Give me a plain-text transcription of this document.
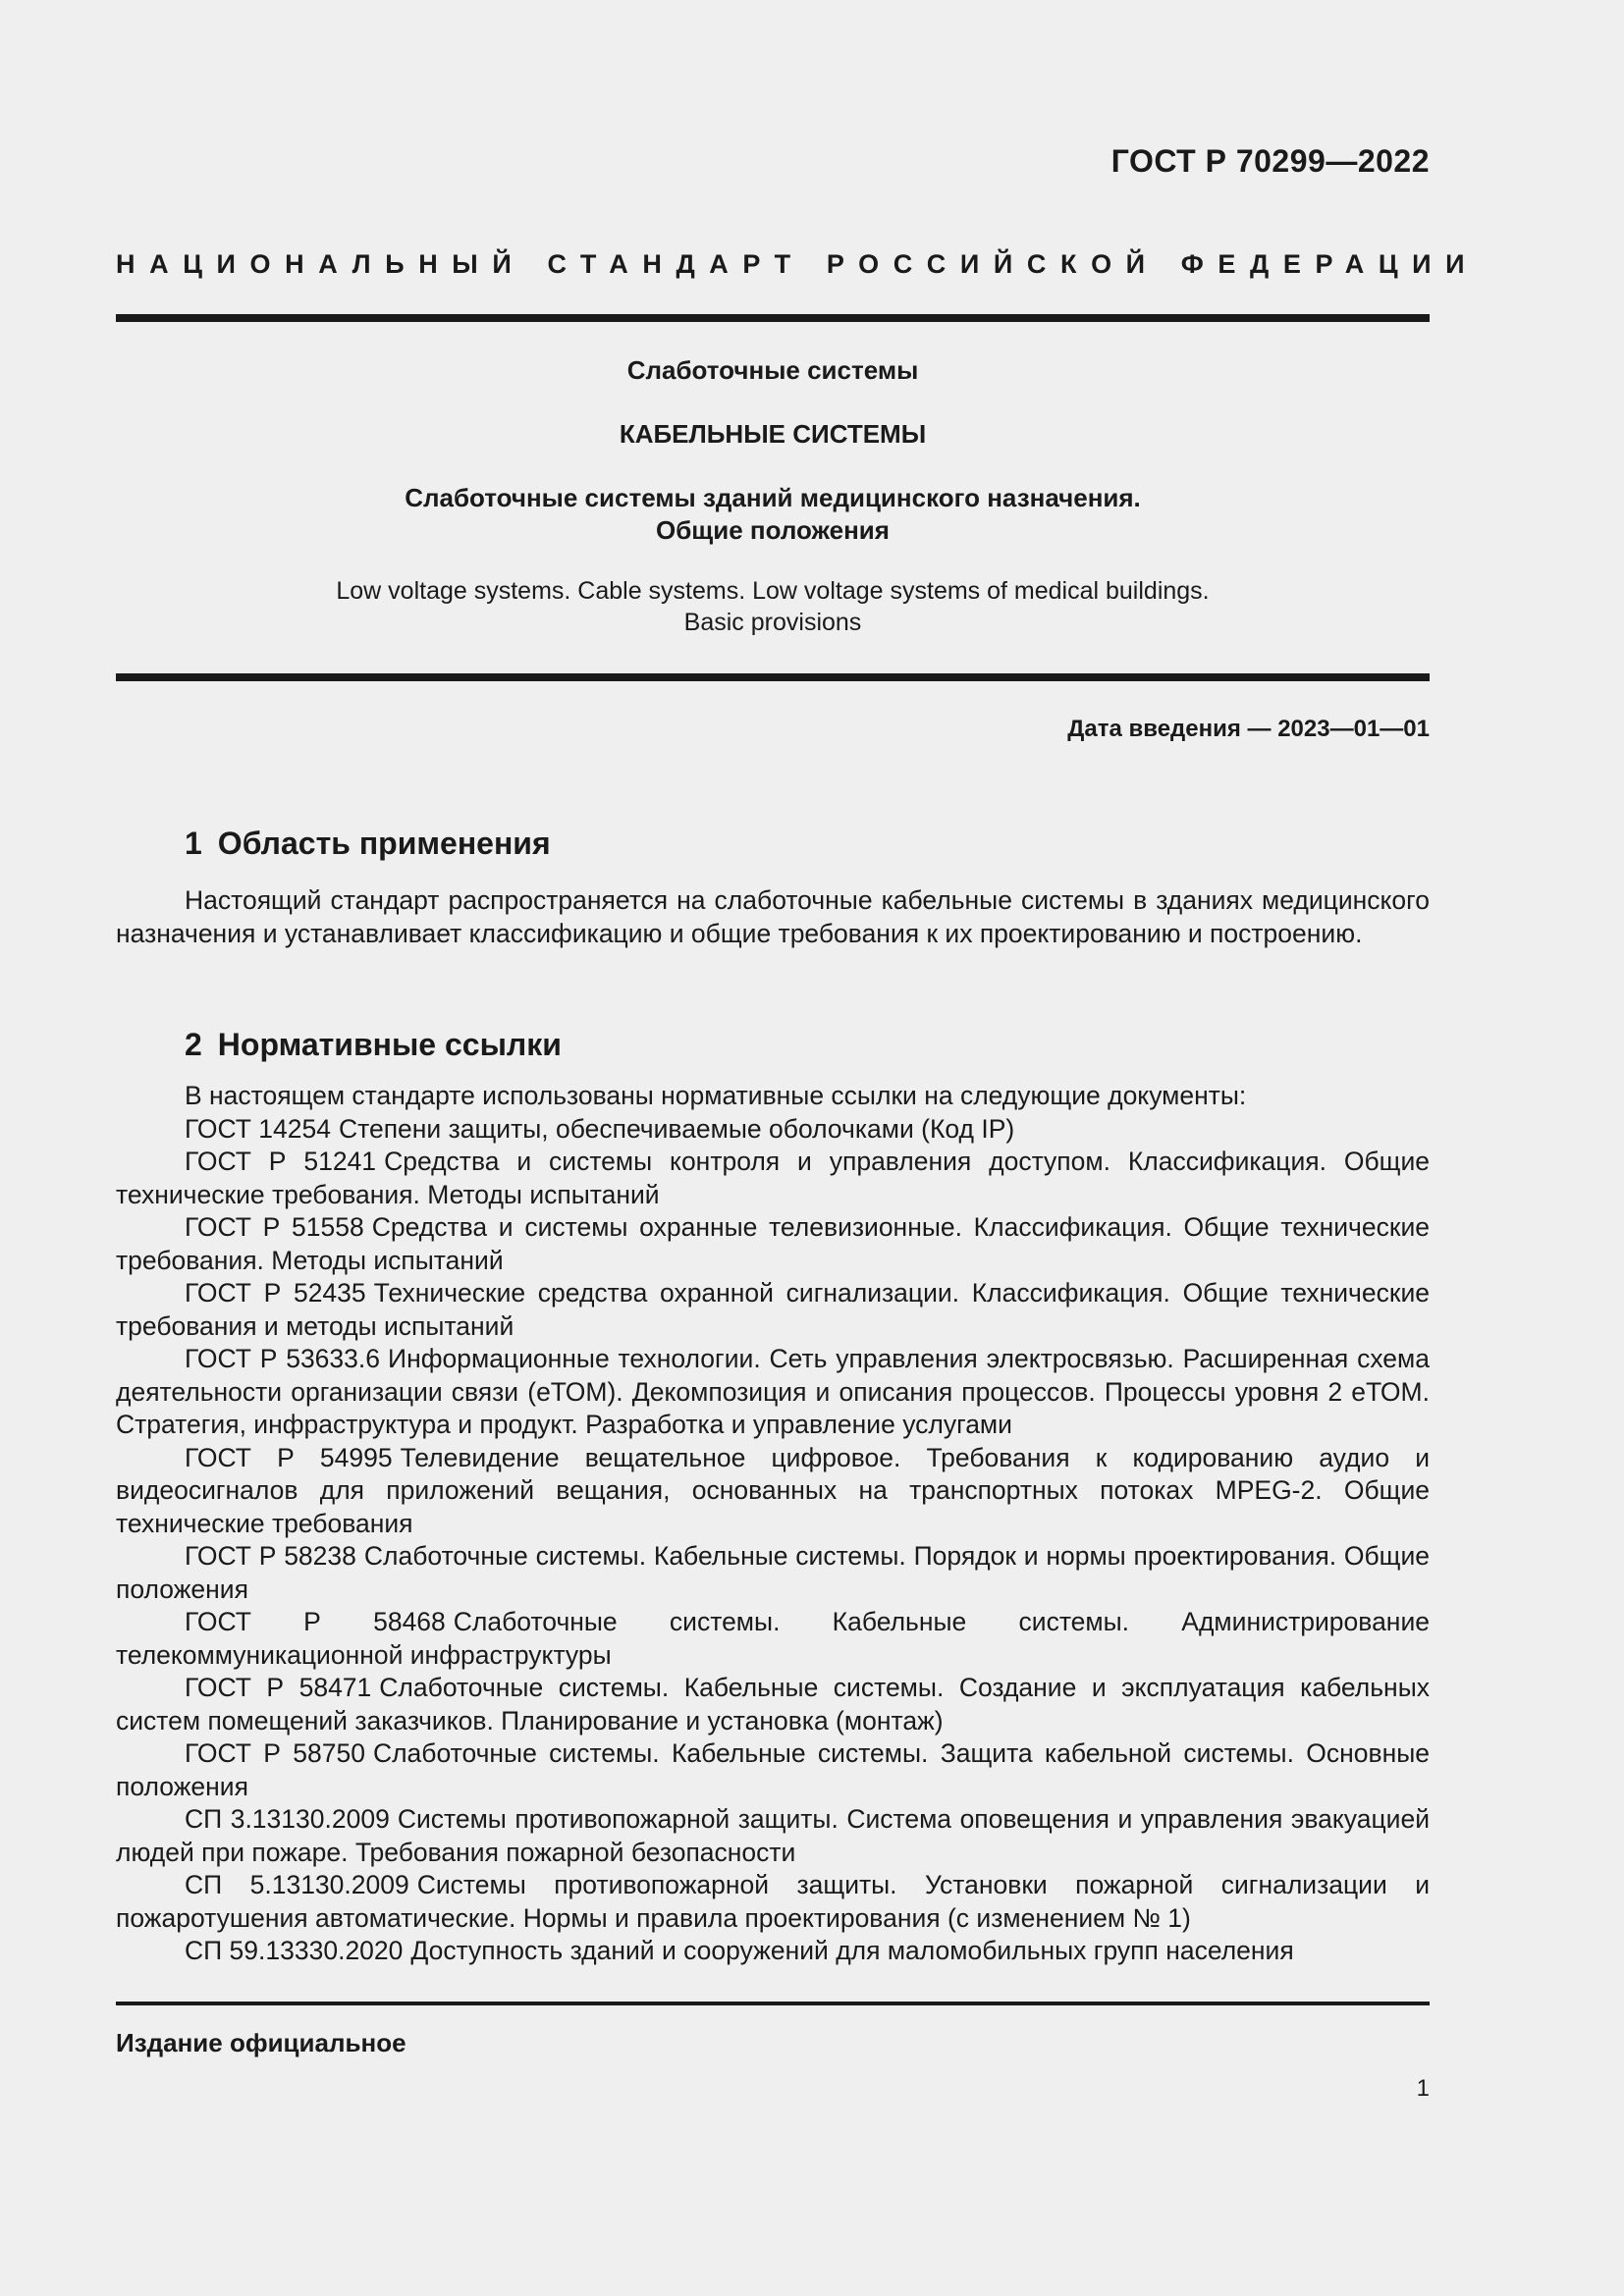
ГОСТ Р 70299—2022
НАЦИОНАЛЬНЫЙ СТАНДАРТ РОССИЙСКОЙ ФЕДЕРАЦИИ
Слаботочные системы
КАБЕЛЬНЫЕ СИСТЕМЫ
Слаботочные системы зданий медицинского назначения.
Общие положения
Low voltage systems. Cable systems. Low voltage systems of medical buildings.
Basic provisions
Дата введения — 2023—01—01
1 Область применения
Настоящий стандарт распространяется на слаботочные кабельные системы в зданиях медицинского назначения и устанавливает классификацию и общие требования к их проектированию и построению.
2 Нормативные ссылки

В настоящем стандарте использованы нормативные ссылки на следующие документы:

ГОСТ 14254 Степени защиты, обеспечиваемые оболочками (Код IP)

ГОСТ Р 51241 Средства и системы контроля и управления доступом. Классификация. Общие технические требования. Методы испытаний

ГОСТ Р 51558 Средства и системы охранные телевизионные. Классификация. Общие технические требования. Методы испытаний

ГОСТ Р 52435 Технические средства охранной сигнализации. Классификация. Общие технические требования и методы испытаний

ГОСТ Р 53633.6 Информационные технологии. Сеть управления электросвязью. Расширенная схема деятельности организации связи (еТОМ). Декомпозиция и описания процессов. Процессы уровня 2 еТОМ. Стратегия, инфраструктура и продукт. Разработка и управление услугами

ГОСТ Р 54995 Телевидение вещательное цифровое. Требования к кодированию аудио и видеосигналов для приложений вещания, основанных на транспортных потоках MPEG-2. Общие технические требования

ГОСТ Р 58238 Слаботочные системы. Кабельные системы. Порядок и нормы проектирования. Общие положения

ГОСТ Р 58468 Слаботочные системы. Кабельные системы. Администрирование телекоммуникационной инфраструктуры

ГОСТ Р 58471 Слаботочные системы. Кабельные системы. Создание и эксплуатация кабельных систем помещений заказчиков. Планирование и установка (монтаж)

ГОСТ Р 58750 Слаботочные системы. Кабельные системы. Защита кабельной системы. Основные положения

СП 3.13130.2009 Системы противопожарной защиты. Система оповещения и управления эвакуацией людей при пожаре. Требования пожарной безопасности

СП 5.13130.2009 Системы противопожарной защиты. Установки пожарной сигнализации и пожаротушения автоматические. Нормы и правила проектирования (с изменением № 1)

СП 59.13330.2020 Доступность зданий и сооружений для маломобильных групп населения

Издание официальное
1
